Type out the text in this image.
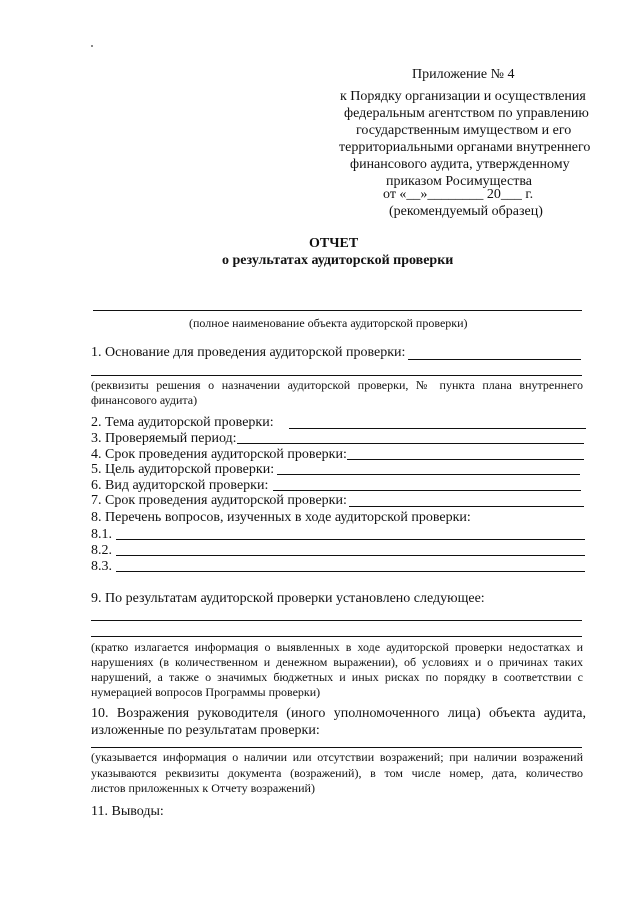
Приложение № 4
к Порядку организации и осуществления
федеральным агентством по управлению
государственным имуществом и его
территориальными органами внутреннего
финансового аудита, утвержденному
приказом Росимущества
от «__»________ 20___ г.
(рекомендуемый образец)
ОТЧЕТ
о результатах аудиторской проверки
(полное наименование объекта аудиторской проверки)
1. Основание для проведения аудиторской проверки:
(реквизиты решения о назначении аудиторской проверки, № пункта плана внутреннего
финансового аудита)
2. Тема аудиторской проверки:
3. Проверяемый период:
4. Срок проведения аудиторской проверки:
5. Цель аудиторской проверки:
6. Вид аудиторской проверки:
7. Срок проведения аудиторской проверки:
8. Перечень вопросов, изученных в ходе аудиторской проверки:
8.1.
8.2.
8.3.
9. По результатам аудиторской проверки установлено следующее:
(кратко излагается информация о выявленных в ходе аудиторской проверки недостатках и
нарушениях (в количественном и денежном выражении), об условиях и о причинах таких
нарушений, а также о значимых бюджетных и иных рисках по порядку в соответствии с
нумерацией вопросов Программы проверки)
10. Возражения руководителя (иного уполномоченного лица) объекта аудита,
изложенные по результатам проверки:
(указывается информация о наличии или отсутствии возражений; при наличии возражений
указываются реквизиты документа (возражений), в том числе номер, дата, количество
листов приложенных к Отчету возражений)
11. Выводы:
